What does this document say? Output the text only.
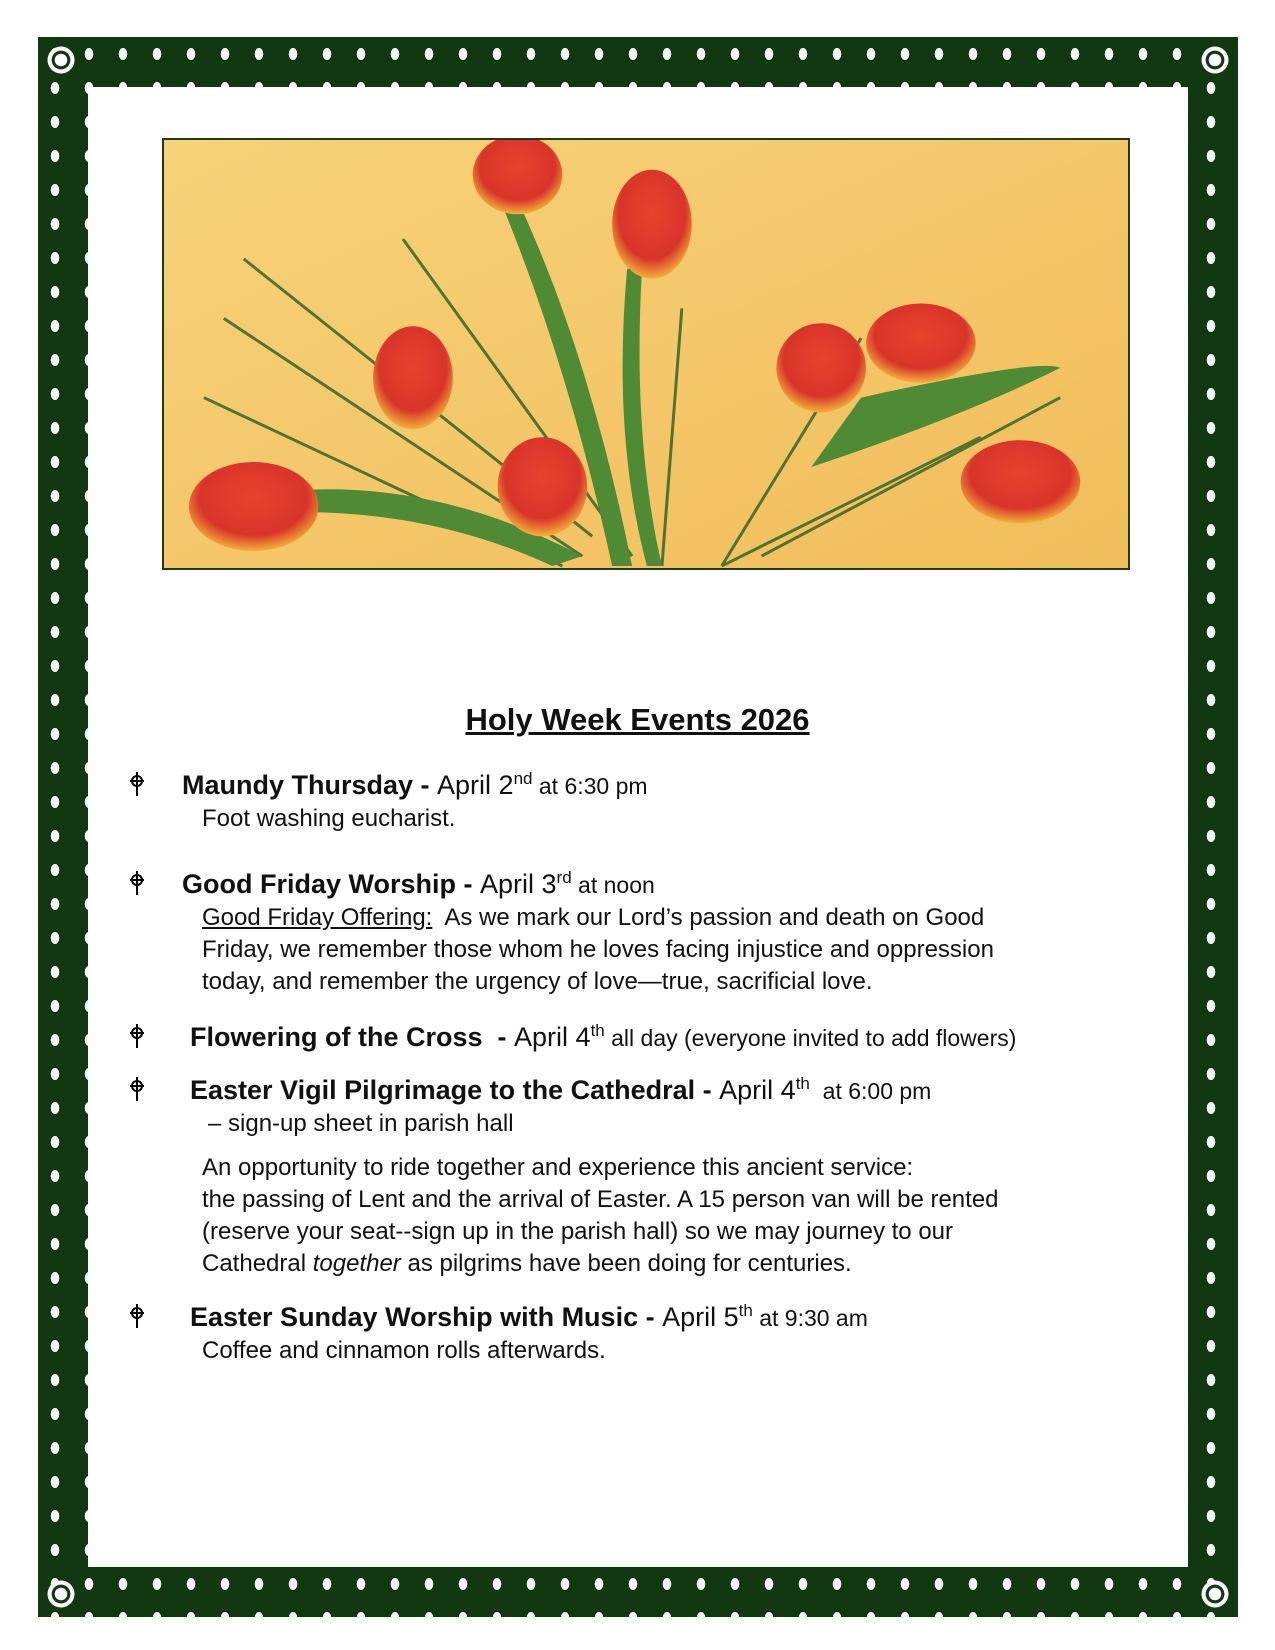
Holy Week Events 2026
Maundy Thursday - April 2nd at 6:30 pm
Foot washing eucharist.
Good Friday Worship - April 3rd at noon
Good Friday Offering:  As we mark our Lord’s passion and death on Good
Friday, we remember those whom he loves facing injustice and oppression
today, and remember the urgency of love—true, sacrificial love.
Flowering of the Cross  - April 4th all day (everyone invited to add flowers)
Easter Vigil Pilgrimage to the Cathedral - April 4th  at 6:00 pm
– sign-up sheet in parish hall
An opportunity to ride together and experience this ancient service:
the passing of Lent and the arrival of Easter. A 15 person van will be rented
(reserve your seat--sign up in the parish hall) so we may journey to our
Cathedral together as pilgrims have been doing for centuries.
Easter Sunday Worship with Music - April 5th at 9:30 am
Coffee and cinnamon rolls afterwards.
